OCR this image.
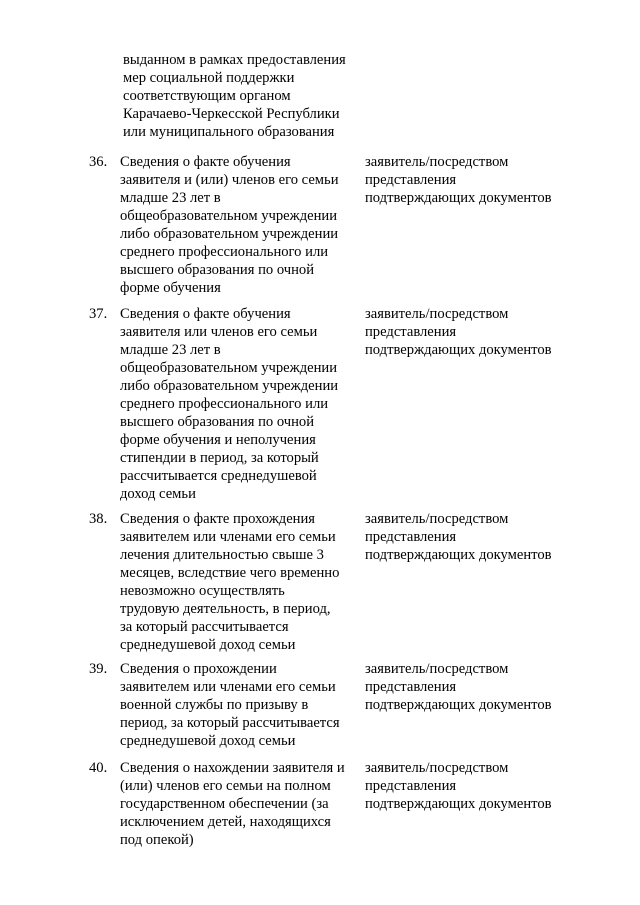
выданном в рамках предоставления
мер социальной поддержки
соответствующим органом
Карачаево-Черкесской Республики
или муниципального образования
36. Сведения о факте обучения
заявителя и (или) членов его семьи
младше 23 лет в
общеобразовательном учреждении
либо образовательном учреждении
среднего профессионального или
высшего образования по очной
форме обучения
заявитель/посредством
представления
подтверждающих документов
37. Сведения о факте обучения
заявителя или членов его семьи
младше 23 лет в
общеобразовательном учреждении
либо образовательном учреждении
среднего профессионального или
высшего образования по очной
форме обучения и неполучения
стипендии в период, за который
рассчитывается среднедушевой
доход семьи
заявитель/посредством
представления
подтверждающих документов
38. Сведения о факте прохождения
заявителем или членами его семьи
лечения длительностью свыше 3
месяцев, вследствие чего временно
невозможно осуществлять
трудовую деятельность, в период,
за который рассчитывается
среднедушевой доход семьи
заявитель/посредством
представления
подтверждающих документов
39. Сведения о прохождении
заявителем или членами его семьи
военной службы по призыву в
период, за который рассчитывается
среднедушевой доход семьи
заявитель/посредством
представления
подтверждающих документов
40. Сведения о нахождении заявителя и
(или) членов его семьи на полном
государственном обеспечении (за
исключением детей, находящихся
под опекой)
заявитель/посредством
представления
подтверждающих документов
